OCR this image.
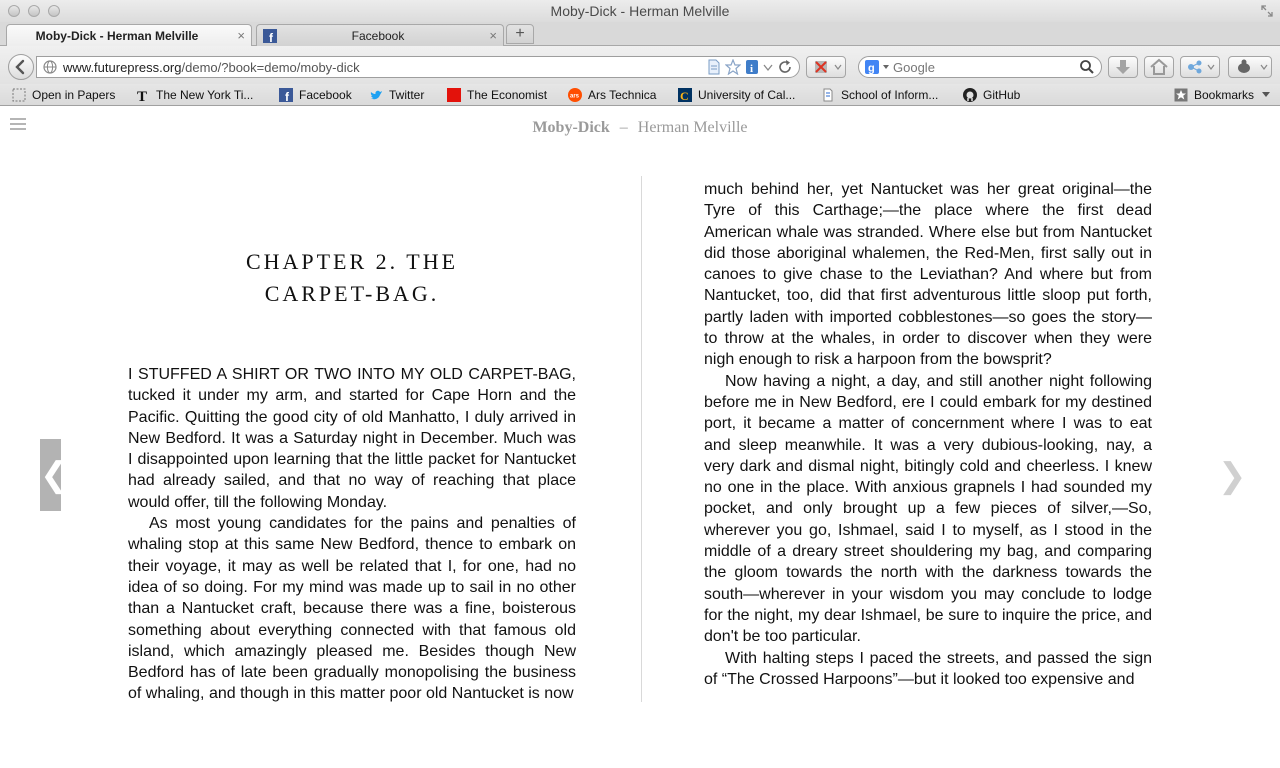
Moby-Dick - Herman Melville
Moby-Dick - Herman Melville	× f	Facebook	×	+
www.futurepress.org/demo/?book=demo/moby-dick	i	g Google
Open in Papers T The New York Ti...	f Facebook	Twitter	The Economist	ars Ars Technica C University of Cal...	School of Inform...	GitHub	Bookmarks
Moby-Dick – Herman Melville
❮	❯
CHAPTER 2. THE
CARPET-BAG.

I STUFFED A SHIRT OR TWO INTO MY OLD CARPET-BAG, tucked it under my arm, and started for Cape Horn and the Pacific. Quitting the good city of old Manhatto, I duly arrived in New Bedford. It was a Saturday night in December. Much was I disappointed upon learning that the little packet for Nantucket had already sailed, and that no way of reaching that place would offer, till the following Monday.

As most young candidates for the pains and penalties of whaling stop at this same New Bedford, thence to embark on their voyage, it may as well be related that I, for one, had no idea of so doing. For my mind was made up to sail in no other than a Nantucket craft, because there was a fine, boisterous something about everything connected with that famous old island, which amazingly pleased me. Besides though New Bedford has of late been gradually monopolising the business of whaling, and though in this matter poor old Nantucket is now

much behind her, yet Nantucket was her great original—the Tyre of this Carthage;—the place where the first dead American whale was stranded. Where else but from Nantucket did those aboriginal whalemen, the Red-Men, first sally out in canoes to give chase to the Leviathan? And where but from Nantucket, too, did that first adventurous little sloop put forth, partly laden with imported cobblestones—so goes the story—to throw at the whales, in order to discover when they were nigh enough to risk a harpoon from the bowsprit?

Now having a night, a day, and still another night following before me in New Bedford, ere I could embark for my destined port, it became a matter of concernment where I was to eat and sleep meanwhile. It was a very dubious-looking, nay, a very dark and dismal night, bitingly cold and cheerless. I knew no one in the place. With anxious grapnels I had sounded my pocket, and only brought up a few pieces of silver,—So, wherever you go, Ishmael, said I to myself, as I stood in the middle of a dreary street shouldering my bag, and comparing the gloom towards the north with the darkness towards the south—wherever in your wisdom you may conclude to lodge for the night, my dear Ishmael, be sure to inquire the price, and don't be too particular.

With halting steps I paced the streets, and passed the sign of “The Crossed Harpoons”—but it looked too expensive and
